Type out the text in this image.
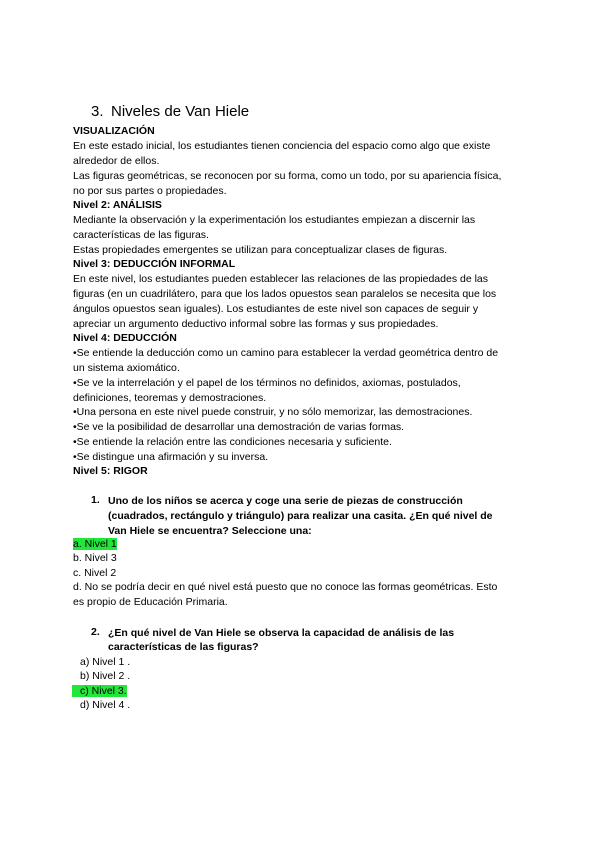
3. Niveles de Van Hiele
VISUALIZACIÓN
En este estado inicial, los estudiantes tienen conciencia del espacio como algo que existe
alrededor de ellos.
Las figuras geométricas, se reconocen por su forma, como un todo, por su apariencia física,
no por sus partes o propiedades.
Nivel 2: ANÁLISIS
Mediante la observación y la experimentación los estudiantes empiezan a discernir las
características de las figuras.
Estas propiedades emergentes se utilizan para conceptualizar clases de figuras.
Nivel 3: DEDUCCIÓN INFORMAL
En este nivel, los estudiantes pueden establecer las relaciones de las propiedades de las
figuras (en un cuadrilátero, para que los lados opuestos sean paralelos se necesita que los
ángulos opuestos sean iguales). Los estudiantes de este nivel son capaces de seguir y
apreciar un argumento deductivo informal sobre las formas y sus propiedades.
Nivel 4: DEDUCCIÓN
•Se entiende la deducción como un camino para establecer la verdad geométrica dentro de
un sistema axiomático.
•Se ve la interrelación y el papel de los términos no definidos, axiomas, postulados,
definiciones, teoremas y demostraciones.
•Una persona en este nivel puede construir, y no sólo memorizar, las demostraciones.
•Se ve la posibilidad de desarrollar una demostración de varias formas.
•Se entiende la relación entre las condiciones necesaria y suficiente.
•Se distingue una afirmación y su inversa.
Nivel 5: RIGOR
1. Uno de los niños se acerca y coge una serie de piezas de construcción
(cuadrados, rectángulo y triángulo) para realizar una casita. ¿En qué nivel de
Van Hiele se encuentra? Seleccione una:
a. Nivel 1
b. Nivel 3
c. Nivel 2
d. No se podría decir en qué nivel está puesto que no conoce las formas geométricas. Esto
es propio de Educación Primaria.
2. ¿En qué nivel de Van Hiele se observa la capacidad de análisis de las
características de las figuras?
a) Nivel 1 .
b) Nivel 2 .
c) Nivel 3.
d) Nivel 4 .
